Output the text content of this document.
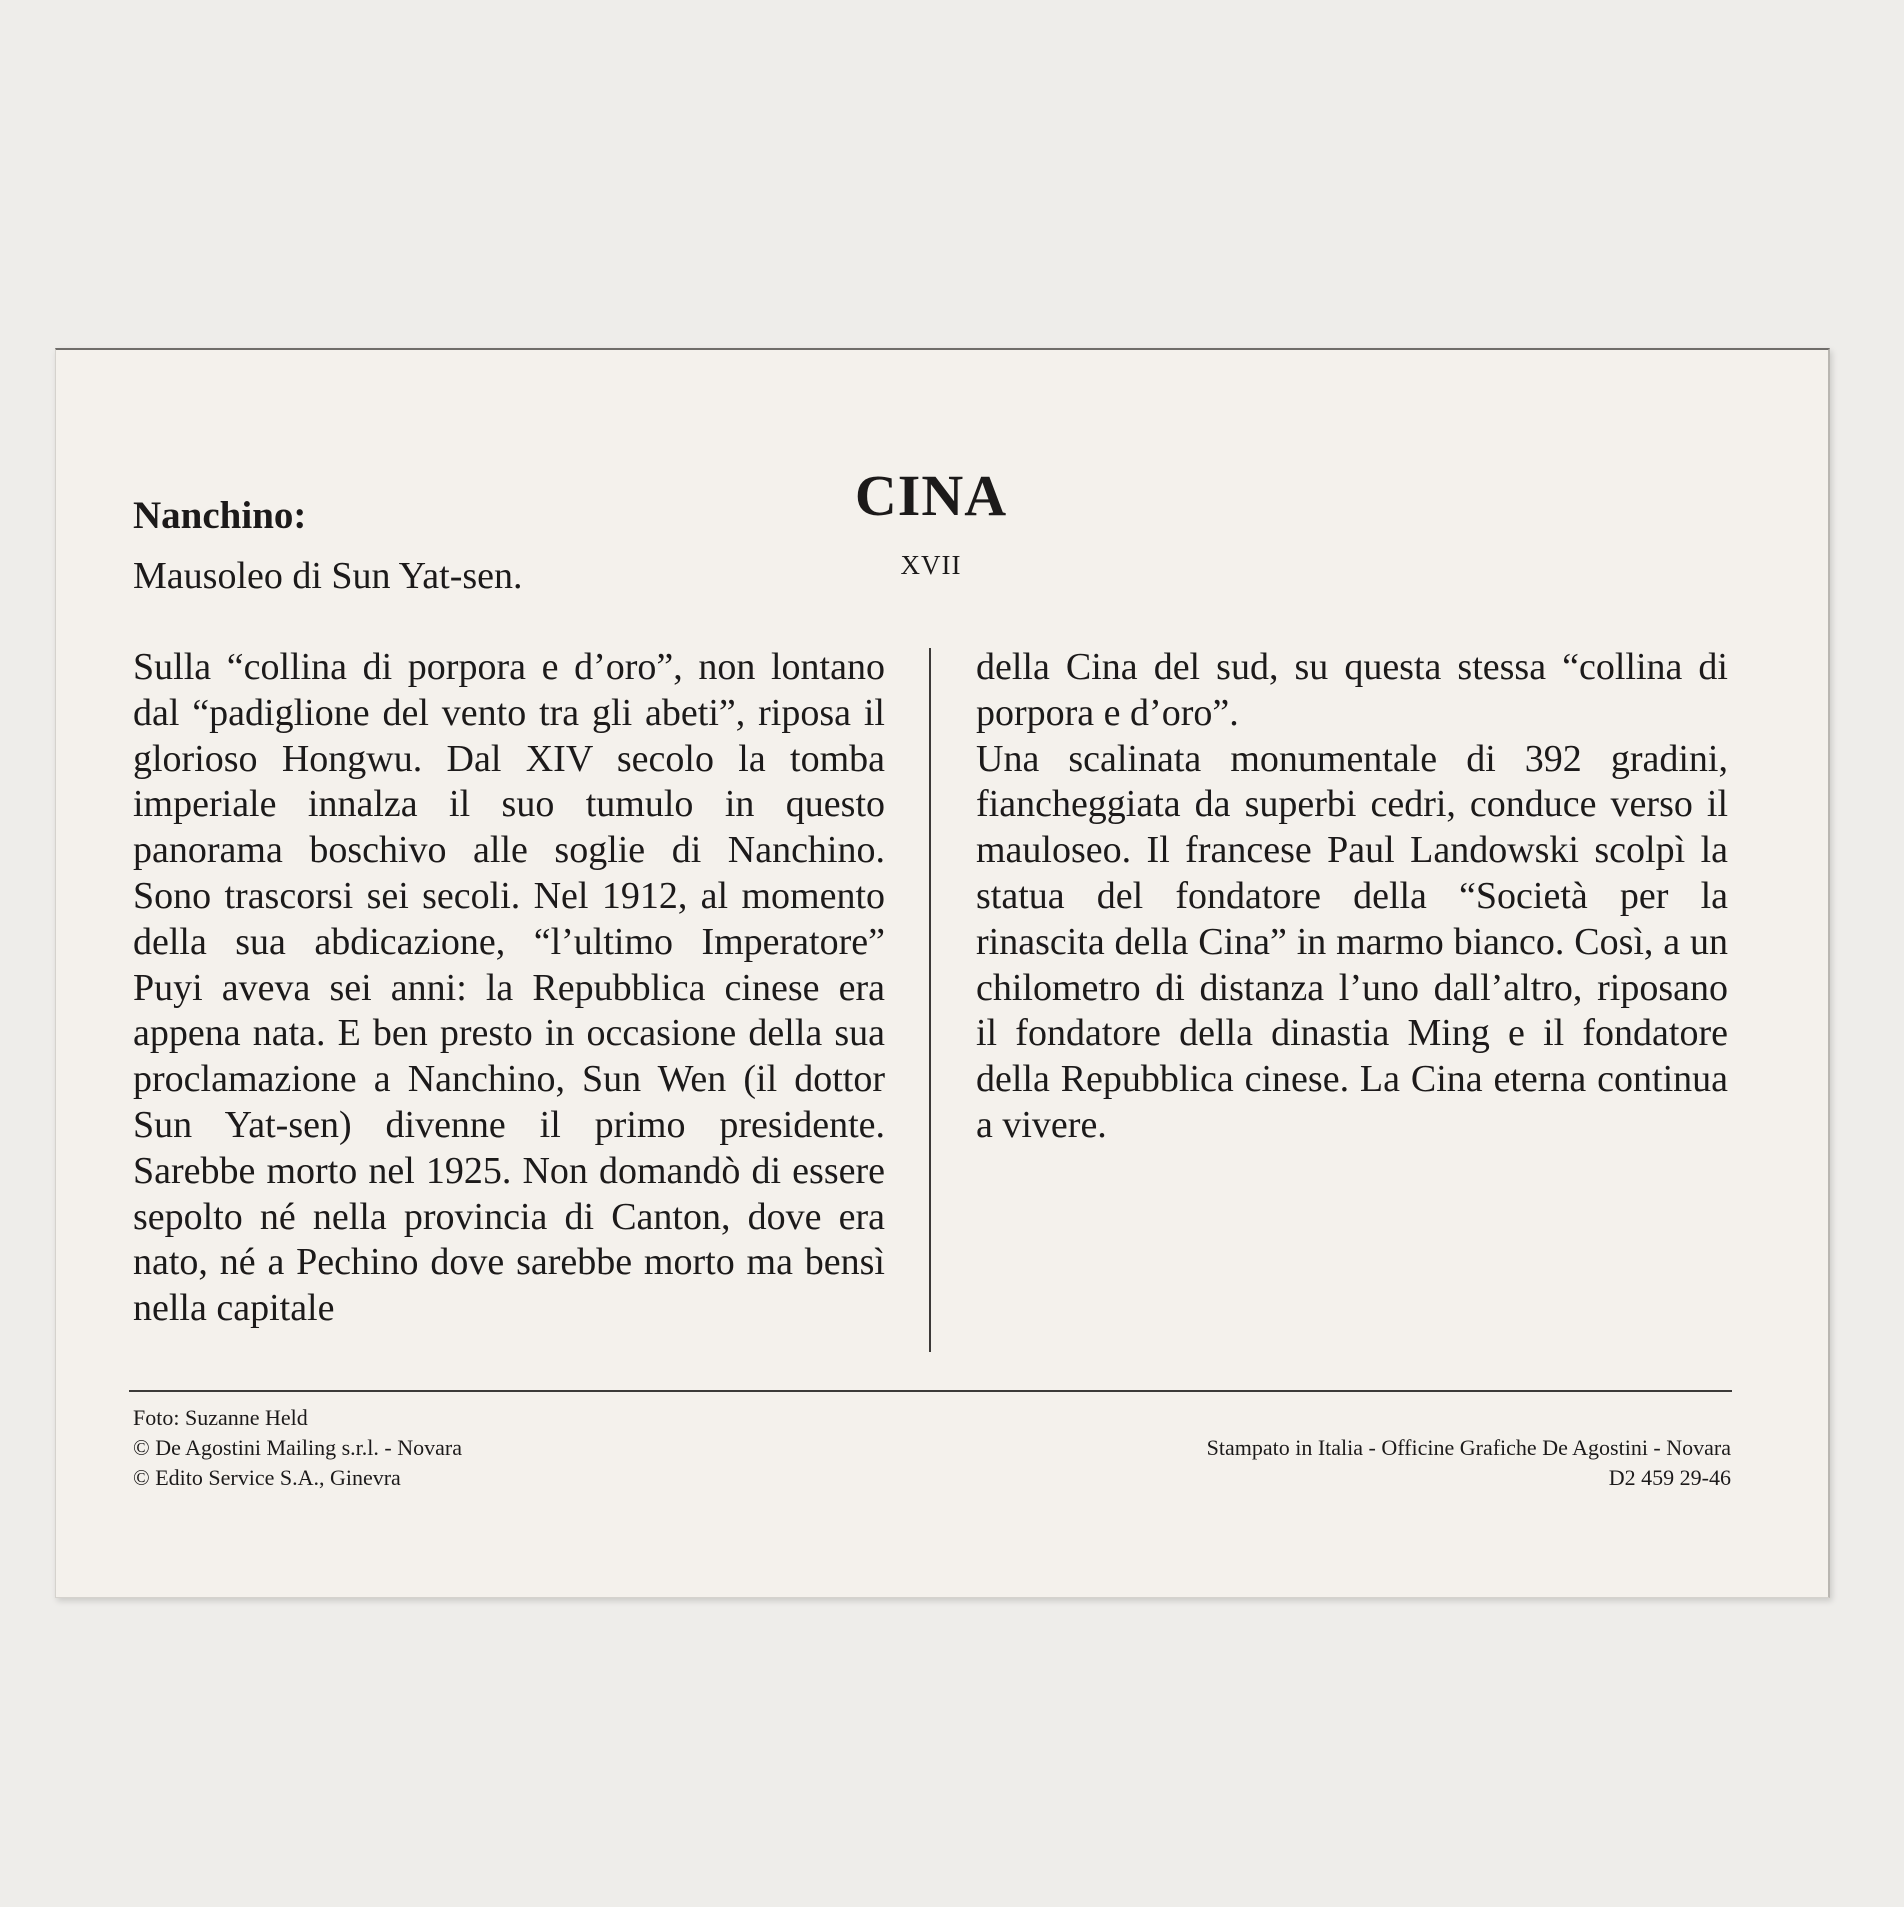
Nanchino:
Mausoleo di Sun Yat-sen.
CINA
XVII

Sulla “collina di porpora e d’oro”, non lontano dal “padiglione del vento tra gli abeti”, riposa il glorioso Hongwu. Dal XIV secolo la tomba imperiale innalza il suo tumulo in questo panorama boschivo alle soglie di Nanchino. Sono trascorsi sei secoli. Nel 1912, al momento della sua abdicazione, “l’ultimo Imperatore” Puyi aveva sei anni: la Repubblica cinese era appena nata. E ben presto in occasione della sua proclamazione a Nanchino, Sun Wen (il dottor Sun Yat-sen) divenne il primo presidente. Sarebbe morto nel 1925. Non domandò di essere sepolto né nella provincia di Canton, dove era nato, né a Pechino dove sarebbe morto ma bensì nella capitale

della Cina del sud, su questa stessa “collina di porpora e d’oro”.

Una scalinata monumentale di 392 gradini, fiancheggiata da superbi cedri, conduce verso il mauloseo. Il francese Paul Landowski scolpì la statua del fondatore della “Società per la rinascita della Cina” in marmo bianco. Così, a un chilometro di distanza l’uno dall’altro, riposano il fondatore della dinastia Ming e il fondatore della Repubblica cinese. La Cina eterna continua a vivere.

Foto: Suzanne Held
© De Agostini Mailing s.r.l. - Novara
© Edito Service S.A., Ginevra
Stampato in Italia - Officine Grafiche De Agostini - Novara
D2 459 29-46
